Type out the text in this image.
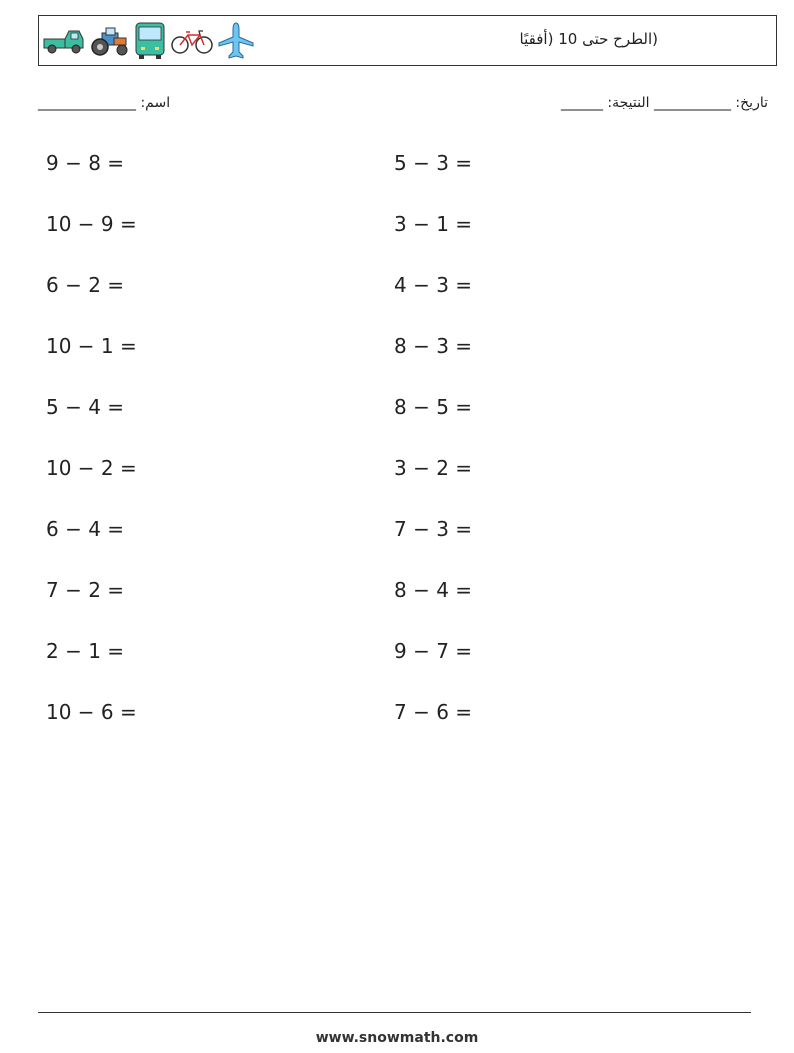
(الطرح حتى 10 (أفقيًا
______________ :اسم	______ :تاريخ: ___________ النتيجة
9 − 8 =	5 − 3 =
10 − 9 =	3 − 1 =
6 − 2 =	4 − 3 =
10 − 1 =	8 − 3 =
5 − 4 =	8 − 5 =
10 − 2 =	3 − 2 =
6 − 4 =	7 − 3 =
7 − 2 =	8 − 4 =
2 − 1 =	9 − 7 =
10 − 6 =	7 − 6 =
www.snowmath.com
